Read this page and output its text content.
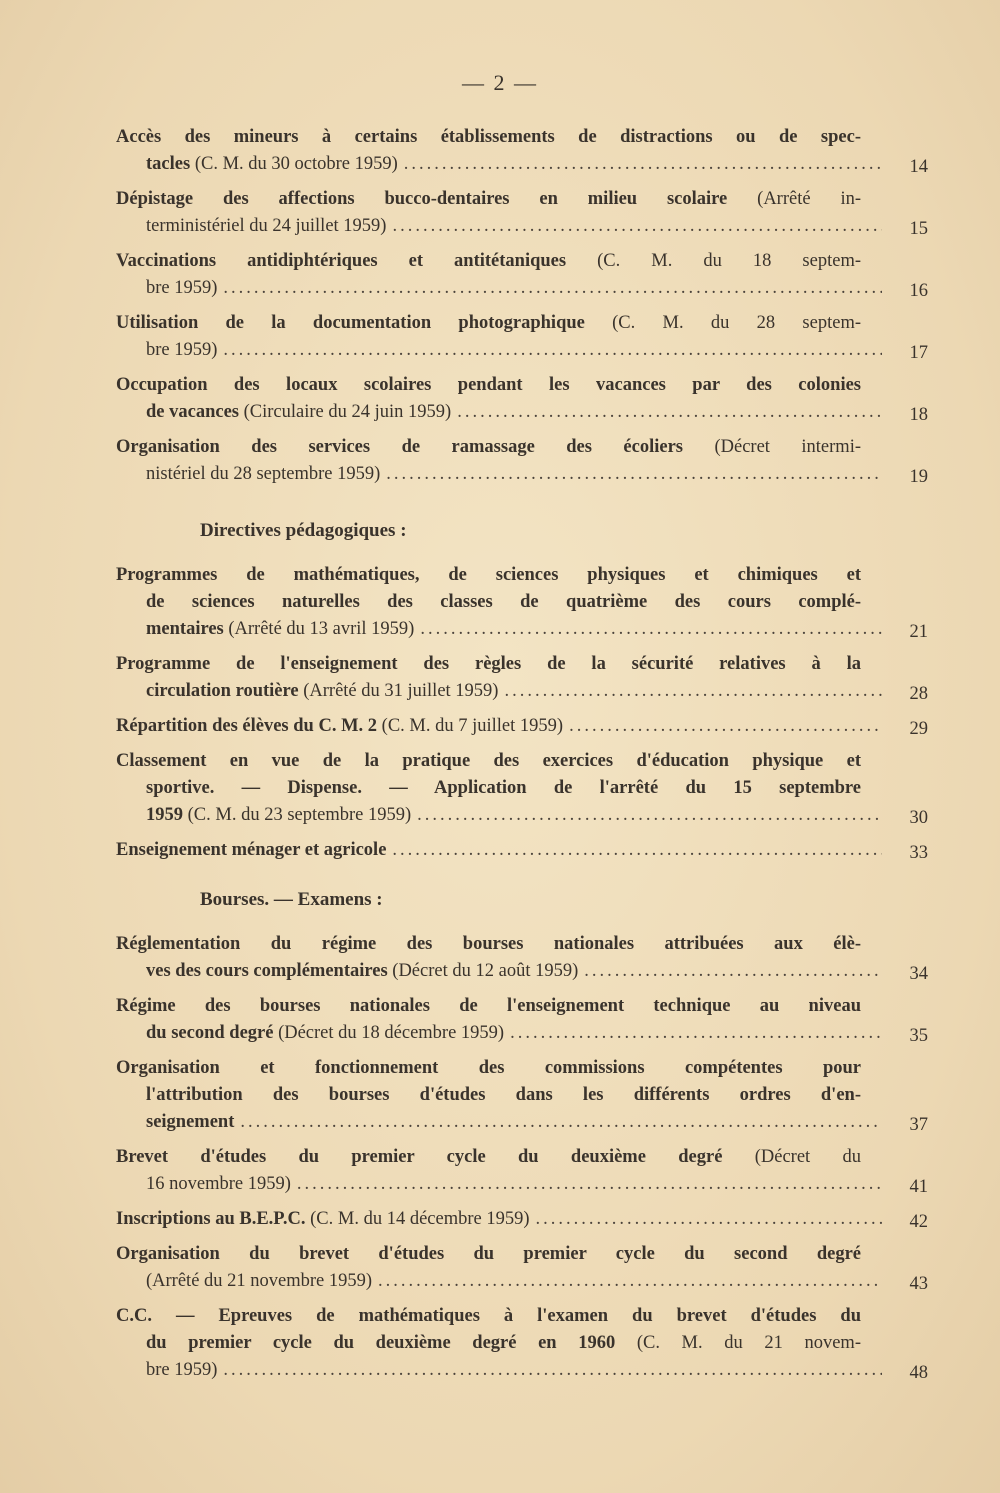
— 2 —
Accès des mineurs à certains établissements de distractions ou de spec-
tacles (C. M. du 30 octobre 1959) .....	14
Dépistage des affections bucco-dentaires en milieu scolaire (Arrêté in-
terministériel du 24 juillet 1959) .....	15
Vaccinations antidiphtériques et antitétaniques (C. M. du 18 septem-
bre 1959) .....	16
Utilisation de la documentation photographique (C. M. du 28 septem-
bre 1959) .....	17
Occupation des locaux scolaires pendant les vacances par des colonies
de vacances (Circulaire du 24 juin 1959) .....	18
Organisation des services de ramassage des écoliers (Décret intermi-
nistériel du 28 septembre 1959) .....	19
Directives pédagogiques :
Programmes de mathématiques, de sciences physiques et chimiques et
de sciences naturelles des classes de quatrième des cours complé-
mentaires (Arrêté du 13 avril 1959) .....	21
Programme de l'enseignement des règles de la sécurité relatives à la
circulation routière (Arrêté du 31 juillet 1959) .....	28
Répartition des élèves du C. M. 2 (C. M. du 7 juillet 1959) .....	29
Classement en vue de la pratique des exercices d'éducation physique et
sportive. — Dispense. — Application de l'arrêté du 15 septembre
1959 (C. M. du 23 septembre 1959) .....	30
Enseignement ménager et agricole .....	33
Bourses. — Examens :
Réglementation du régime des bourses nationales attribuées aux élè-
ves des cours complémentaires (Décret du 12 août 1959) .....	34
Régime des bourses nationales de l'enseignement technique au niveau
du second degré (Décret du 18 décembre 1959) .....	35
Organisation et fonctionnement des commissions compétentes pour
l'attribution des bourses d'études dans les différents ordres d'en-
seignement .....	37
Brevet d'études du premier cycle du deuxième degré (Décret du
16 novembre 1959) .....	41
Inscriptions au B.E.P.C. (C. M. du 14 décembre 1959) .....	42
Organisation du brevet d'études du premier cycle du second degré
(Arrêté du 21 novembre 1959) .....	43
C.C. — Epreuves de mathématiques à l'examen du brevet d'études du
du premier cycle du deuxième degré en 1960 (C. M. du 21 novem-
bre 1959) .....	48
